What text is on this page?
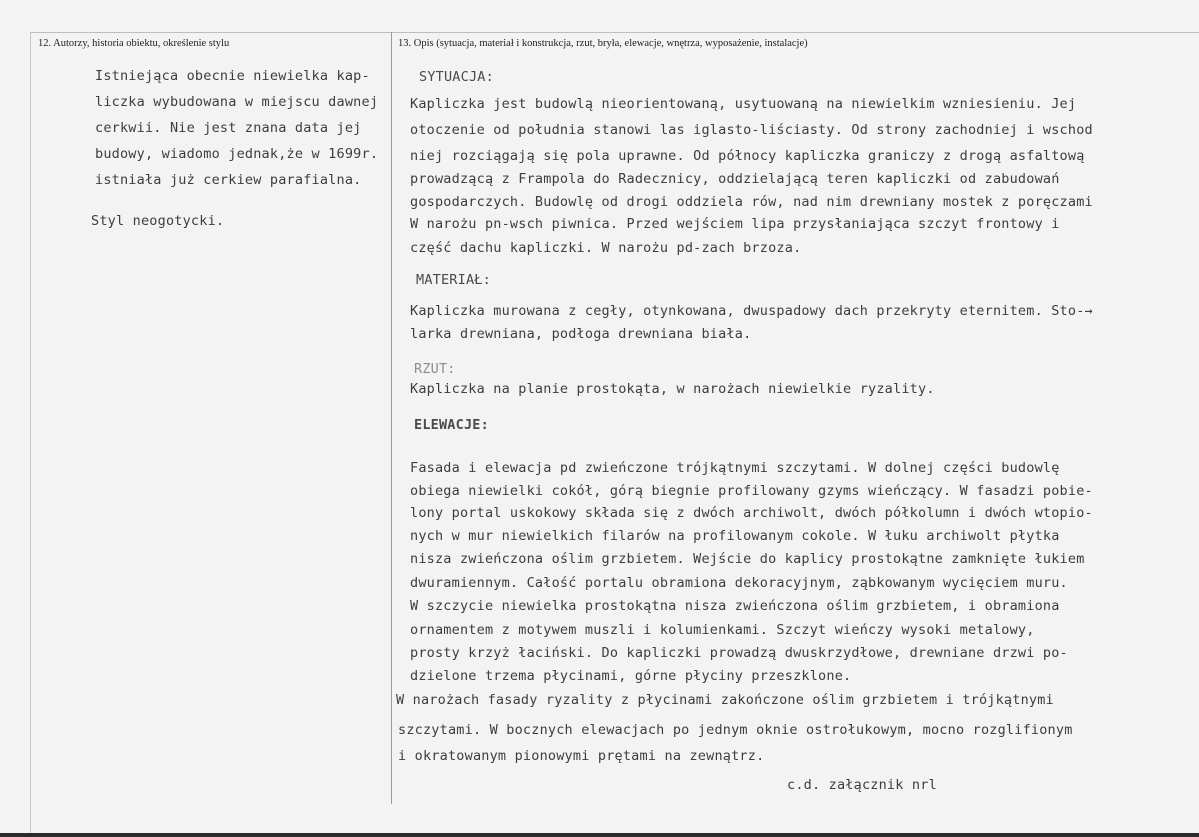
12. Autorzy, historia obiektu, określenie stylu	13. Opis (sytuacja, materiał i konstrukcja, rzut, bryła, elewacje, wnętrza, wyposażenie, instalacje)
Istniejąca obecnie niewielka kap-
liczka wybudowana w miejscu dawnej
cerkwii. Nie jest znana data jej
budowy, wiadomo jednak,że w 1699r.
istniała już cerkiew parafialna.
Styl neogotycki.
SYTUACJA:
Kapliczka jest budowlą nieorientowaną, usytuowaną na niewielkim wzniesieniu. Jej
otoczenie od południa stanowi las iglasto-liściasty. Od strony zachodniej i wschod
niej rozciągają się pola uprawne. Od północy kapliczka graniczy z drogą asfaltową
prowadzącą z Frampola do Radecznicy, oddzielającą teren kapliczki od zabudowań
gospodarczych. Budowlę od drogi oddziela rów, nad nim drewniany mostek z poręczami
W narożu pn-wsch piwnica. Przed wejściem lipa przysłaniająca szczyt frontowy i
część dachu kapliczki. W narożu pd-zach brzoza.
MATERIAŁ:
Kapliczka murowana z cegły, otynkowana, dwuspadowy dach przekryty eternitem. Sto-→
larka drewniana, podłoga drewniana biała.
RZUT:
Kapliczka na planie prostokąta, w narożach niewielkie ryzality.
ELEWACJE:
Fasada i elewacja pd zwieńczone trójkątnymi szczytami. W dolnej części budowlę
obiega niewielki cokół, górą biegnie profilowany gzyms wieńczący. W fasadzi pobie-
lony portal uskokowy składa się z dwóch archiwolt, dwóch półkolumn i dwóch wtopio-
nych w mur niewielkich filarów na profilowanym cokole. W łuku archiwolt płytka
nisza zwieńczona oślim grzbietem. Wejście do kaplicy prostokątne zamknięte łukiem
dwuramiennym. Całość portalu obramiona dekoracyjnym, ząbkowanym wycięciem muru.
W szczycie niewielka prostokątna nisza zwieńczona oślim grzbietem, i obramiona
ornamentem z motywem muszli i kolumienkami. Szczyt wieńczy wysoki metalowy,
prosty krzyż łaciński. Do kapliczki prowadzą dwuskrzydłowe, drewniane drzwi po-
dzielone trzema płycinami, górne płyciny przeszklone.
W narożach fasady ryzality z płycinami zakończone oślim grzbietem i trójkątnymi
szczytami. W bocznych elewacjach po jednym oknie ostrołukowym, mocno rozglifionym
i okratowanym pionowymi prętami na zewnątrz.
c.d. załącznik nrl
